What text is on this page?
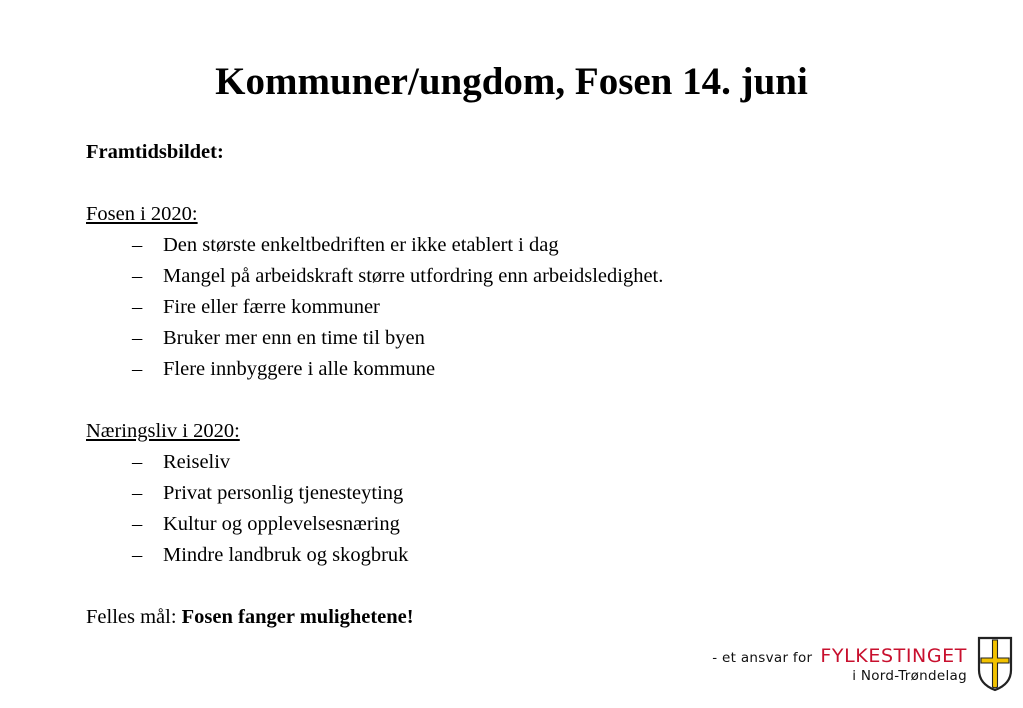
Kommuner/ungdom, Fosen 14. juni
Framtidsbildet:
Fosen i 2020:
–	Den største enkeltbedriften er ikke etablert i dag
–	Mangel på arbeidskraft større utfordring enn arbeidsledighet.
–	Fire eller færre kommuner
–	Bruker mer enn en time til byen
–	Flere innbyggere i alle kommune
Næringsliv i 2020:
–	Reiseliv
–	Privat personlig tjenesteyting
–	Kultur og opplevelsesnæring
–	Mindre landbruk og skogbruk
Felles mål: Fosen fanger mulighetene!
- et ansvar for FYLKESTINGET
i Nord-Trøndelag
